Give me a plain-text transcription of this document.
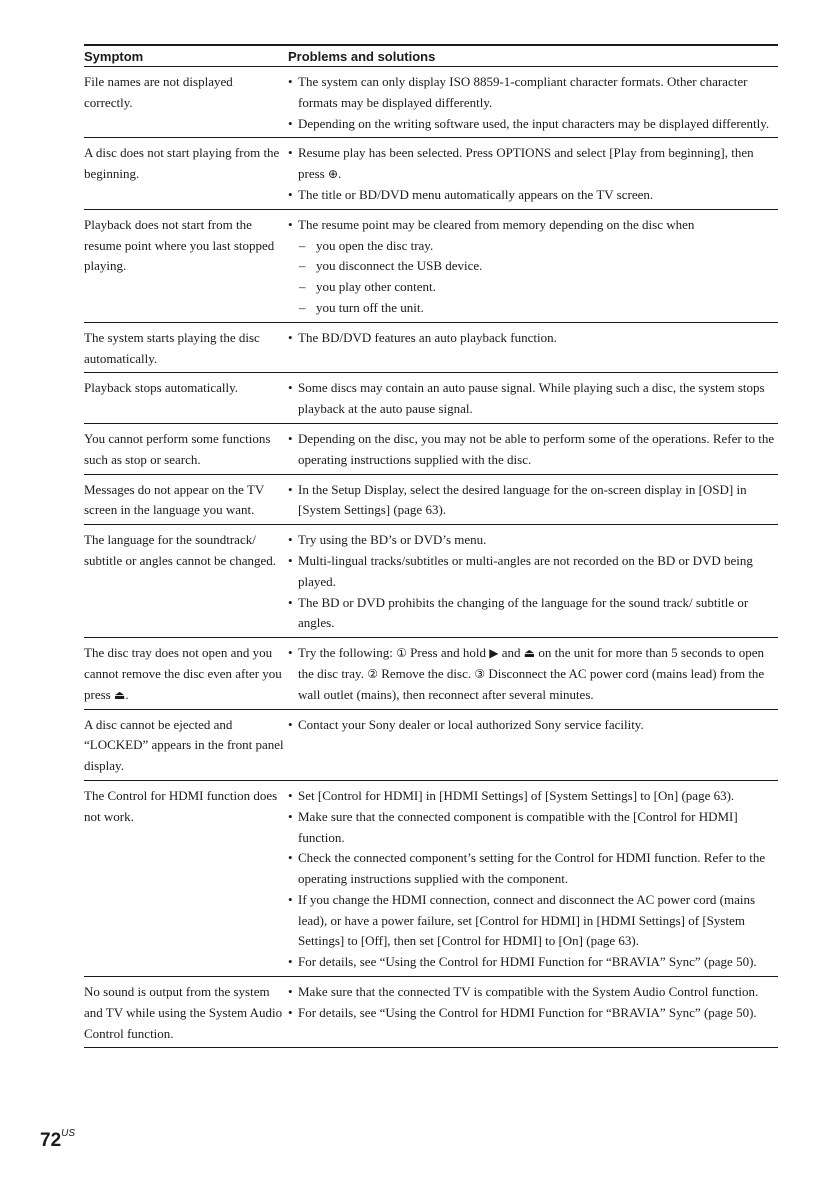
Symptom	Problems and solutions
File names are not displayed correctly.
• The system can only display ISO 8859-1-compliant character formats. Other character formats may be displayed differently.
• Depending on the writing software used, the input characters may be displayed differently.
A disc does not start playing from the beginning.
• Resume play has been selected. Press OPTIONS and select [Play from beginning], then press ⊕.
• The title or BD/DVD menu automatically appears on the TV screen.
Playback does not start from the resume point where you last stopped playing.
• The resume point may be cleared from memory depending on the disc when
– you open the disc tray.
– you disconnect the USB device.
– you play other content.
– you turn off the unit.
The system starts playing the disc automatically.
• The BD/DVD features an auto playback function.
Playback stops automatically.	• Some discs may contain an auto pause signal. While playing such a disc, the system stops playback at the auto pause signal.
You cannot perform some functions such as stop or search.
• Depending on the disc, you may not be able to perform some of the operations. Refer to the operating instructions supplied with the disc.
Messages do not appear on the TV screen in the language you want.
• In the Setup Display, select the desired language for the on-screen display in [OSD] in [System Settings] (page 63).
The language for the soundtrack/ subtitle or angles cannot be changed.
• Try using the BD’s or DVD’s menu.
• Multi-lingual tracks/subtitles or multi-angles are not recorded on the BD or DVD being played.
• The BD or DVD prohibits the changing of the language for the sound track/ subtitle or angles.
The disc tray does not open and you cannot remove the disc even after you press ⏏.
• Try the following: ① Press and hold ▶ and ⏏ on the unit for more than 5 seconds to open the disc tray. ② Remove the disc. ③ Disconnect the AC power cord (mains lead) from the wall outlet (mains), then reconnect after several minutes.
A disc cannot be ejected and “LOCKED” appears in the front panel display.
• Contact your Sony dealer or local authorized Sony service facility.
The Control for HDMI function does not work.
• Set [Control for HDMI] in [HDMI Settings] of [System Settings] to [On] (page 63).
• Make sure that the connected component is compatible with the [Control for HDMI] function.
• Check the connected component’s setting for the Control for HDMI function. Refer to the operating instructions supplied with the component.
• If you change the HDMI connection, connect and disconnect the AC power cord (mains lead), or have a power failure, set [Control for HDMI] in [HDMI Settings] of [System Settings] to [Off], then set [Control for HDMI] to [On] (page 63).
• For details, see “Using the Control for HDMI Function for “BRAVIA” Sync” (page 50).
No sound is output from the system and TV while using the System Audio Control function.
• Make sure that the connected TV is compatible with the System Audio Control function.
• For details, see “Using the Control for HDMI Function for “BRAVIA” Sync” (page 50).
$72^{US}$
